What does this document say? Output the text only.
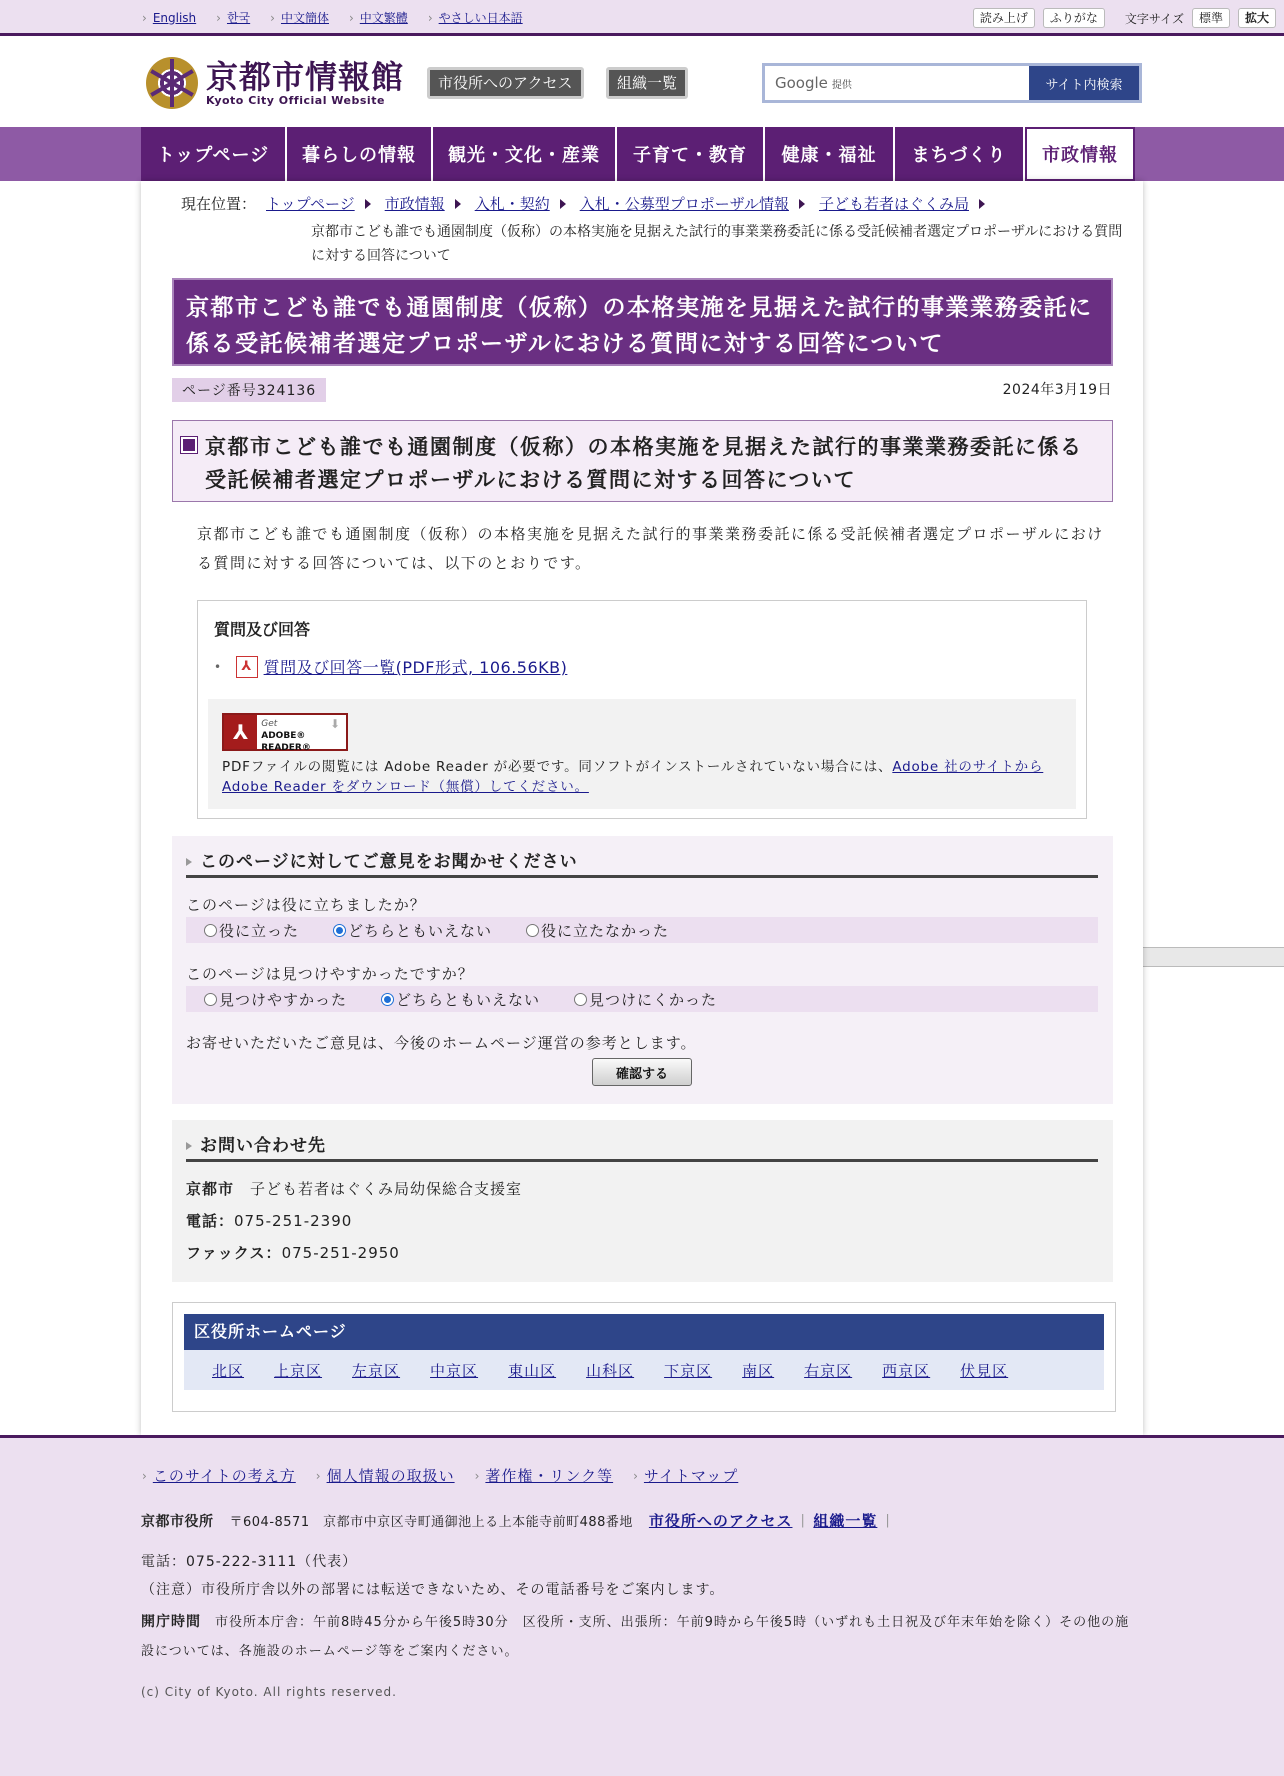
› English › 한국 › 中文簡体 › 中文繁體 › やさしい日本語	読み上げ	ふりがな	文字サイズ	標準	拡大
京都市情報館
Kyoto City Official Website
市役所へのアクセス	組織一覧	Google 提供	サイト内検索
トップページ	暮らしの情報	観光・文化・産業	子育て・教育	健康・福祉	まちづくり	市政情報
現在位置： トップページ 市政情報 入札・契約 入札・公募型プロポーザル情報 子ども若者はぐくみ局
京都市こども誰でも通園制度（仮称）の本格実施を見据えた試行的事業業務委託に係る受託候補者選定プロポーザルにおける質問に対する回答について
京都市こども誰でも通園制度（仮称）の本格実施を見据えた試行的事業業務委託に係る受託候補者選定プロポーザルにおける質問に対する回答について
ページ番号324136	2024年3月19日
京都市こども誰でも通園制度（仮称）の本格実施を見据えた試行的事業業務委託に係る受託候補者選定プロポーザルにおける質問に対する回答について

京都市こども誰でも通園制度（仮称）の本格実施を見据えた試行的事業業務委託に係る受託候補者選定プロポーザルにおける質問に対する回答については、以下のとおりです。

質問及び回答
•	⅄ 質問及び回答一覧(PDF形式, 106.56KB)
⅄	Get
ADOBE® READER®
⬇
PDFファイルの閲覧には Adobe Reader が必要です。同ソフトがインストールされていない場合には、Adobe 社のサイトから Adobe Reader をダウンロード（無償）してください。
このページに対してご意見をお聞かせください
このページは役に立ちましたか？
役に立った	どちらともいえない	役に立たなかった
このページは見つけやすかったですか？
見つけやすかった	どちらともいえない	見つけにくかった
お寄せいただいたご意見は、今後のホームページ運営の参考とします。
確認する
お問い合わせ先
京都市　 子ども若者はぐくみ局幼保総合支援室
電話：075-251-2390
ファックス：075-251-2950
区役所ホームページ
北区 上京区 左京区 中京区 東山区 山科区 下京区 南区 右京区 西京区 伏見区
› このサイトの考え方 › 個人情報の取扱い › 著作権・リンク等 › サイトマップ
京都市役所 〒604-8571　京都市中京区寺町通御池上る上本能寺前町488番地 市役所へのアクセス | 組織一覧 |
電話：075-222-3111（代表）
（注意）市役所庁舎以外の部署には転送できないため、その電話番号をご案内します。
開庁時間 市役所本庁舎：午前8時45分から午後5時30分　区役所・支所、出張所：午前9時から午後5時（いずれも土日祝及び年末年始を除く）その他の施設については、各施設のホームページ等をご案内ください。
(c) City of Kyoto. All rights reserved.
